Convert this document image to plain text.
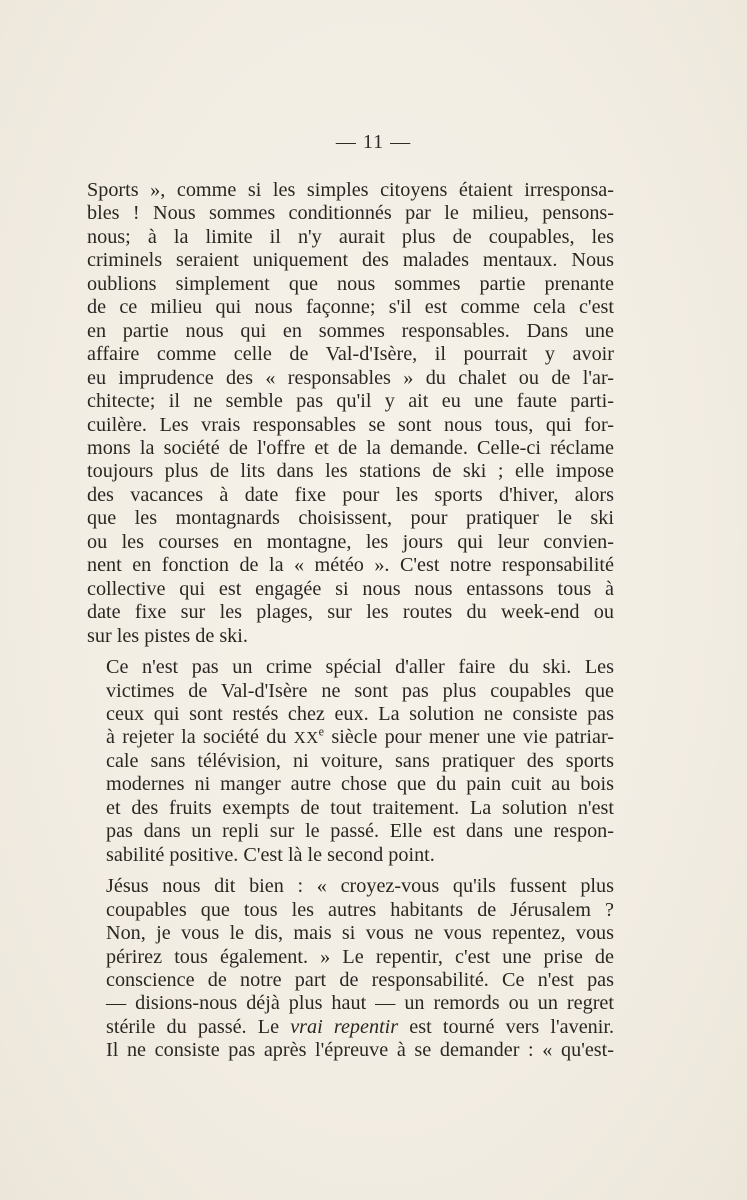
— 11 —

Sports », comme si les simples citoyens étaient irresponsa-
bles ! Nous sommes conditionnés par le milieu, pensons-
nous; à la limite il n'y aurait plus de coupables, les
criminels seraient uniquement des malades mentaux. Nous
oublions simplement que nous sommes partie prenante
de ce milieu qui nous façonne; s'il est comme cela c'est
en partie nous qui en sommes responsables. Dans une
affaire comme celle de Val-d'Isère, il pourrait y avoir
eu imprudence des « responsables » du chalet ou de l'ar-
chitecte; il ne semble pas qu'il y ait eu une faute parti-
cuilère. Les vrais responsables se sont nous tous, qui for-
mons la société de l'offre et de la demande. Celle-ci réclame
toujours plus de lits dans les stations de ski ; elle impose
des vacances à date fixe pour les sports d'hiver, alors
que les montagnards choisissent, pour pratiquer le ski
ou les courses en montagne, les jours qui leur convien-
nent en fonction de la « météo ». C'est notre responsabilité
collective qui est engagée si nous nous entassons tous à
date fixe sur les plages, sur les routes du week-end ou
sur les pistes de ski.

Ce n'est pas un crime spécial d'aller faire du ski. Les
victimes de Val-d'Isère ne sont pas plus coupables que
ceux qui sont restés chez eux. La solution ne consiste pas
à rejeter la société du XXe siècle pour mener une vie patriar-
cale sans télévision, ni voiture, sans pratiquer des sports
modernes ni manger autre chose que du pain cuit au bois
et des fruits exempts de tout traitement. La solution n'est
pas dans un repli sur le passé. Elle est dans une respon-
sabilité positive. C'est là le second point.

Jésus nous dit bien : « croyez-vous qu'ils fussent plus
coupables que tous les autres habitants de Jérusalem ?
Non, je vous le dis, mais si vous ne vous repentez, vous
périrez tous également. » Le repentir, c'est une prise de
conscience de notre part de responsabilité. Ce n'est pas
— disions-nous déjà plus haut — un remords ou un regret
stérile du passé. Le vrai repentir est tourné vers l'avenir.
Il ne consiste pas après l'épreuve à se demander : « qu'est-
